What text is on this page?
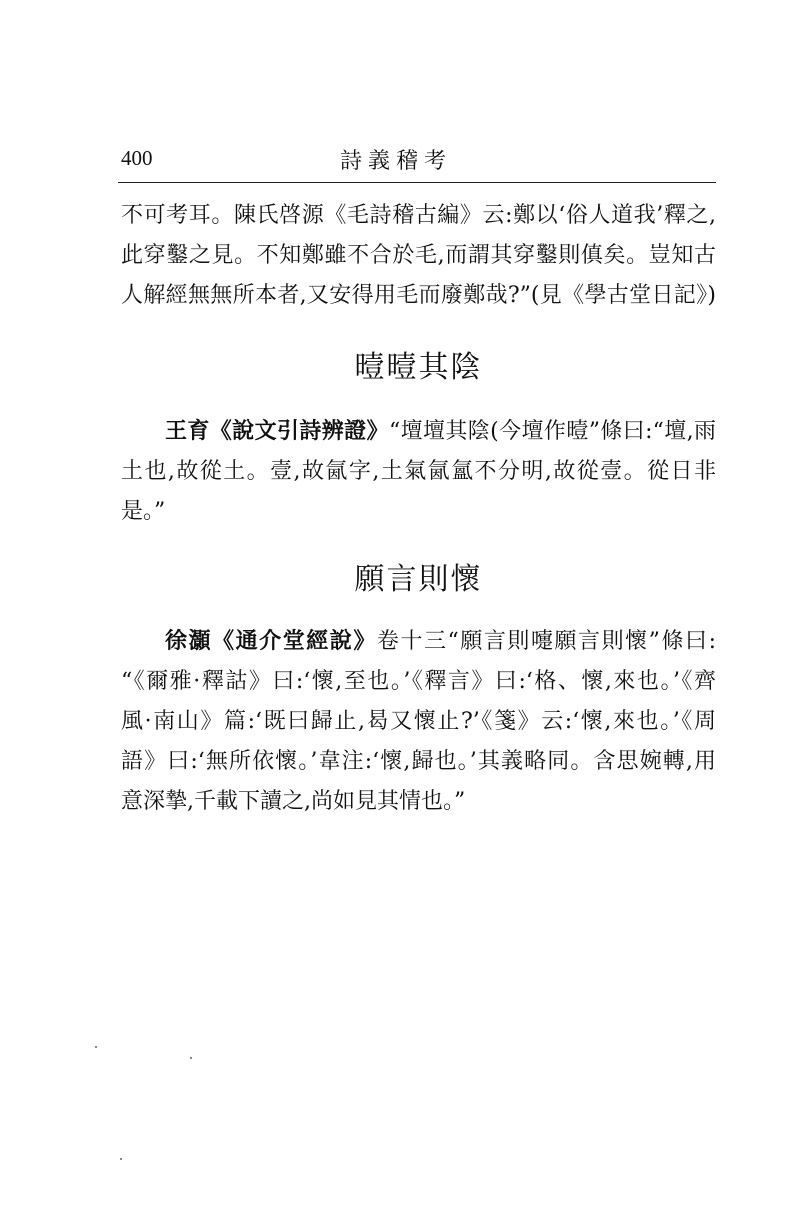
400	詩義稽考
不可考耳。陳氏啓源《毛詩稽古編》云:鄭以‘俗人道我’釋之,
此穿鑿之見。不知鄭雖不合於毛,而謂其穿鑿則傎矣。豈知古
人解經無無所本者,又安得用毛而廢鄭哉?”(見《學古堂日記》)
曀曀其陰
王育《說文引詩辨證》“壇壇其陰(今壇作曀”條曰:“壇,雨
土也,故從土。壹,故氤字,土氣氤氳不分明,故從壹。從日非
是。”
願言則懷
徐灝《通介堂經說》卷十三“願言則嚏願言則懷”條曰:
“《爾雅·釋詁》曰:‘懷,至也。’《釋言》曰:‘格、懷,來也。’《齊
風·南山》篇:‘既曰歸止,曷又懷止?’《箋》云:‘懷,來也。’《周
語》曰:‘無所依懷。’韋注:‘懷,歸也。’其義略同。含思婉轉,用
意深摯,千載下讀之,尚如見其情也。”
